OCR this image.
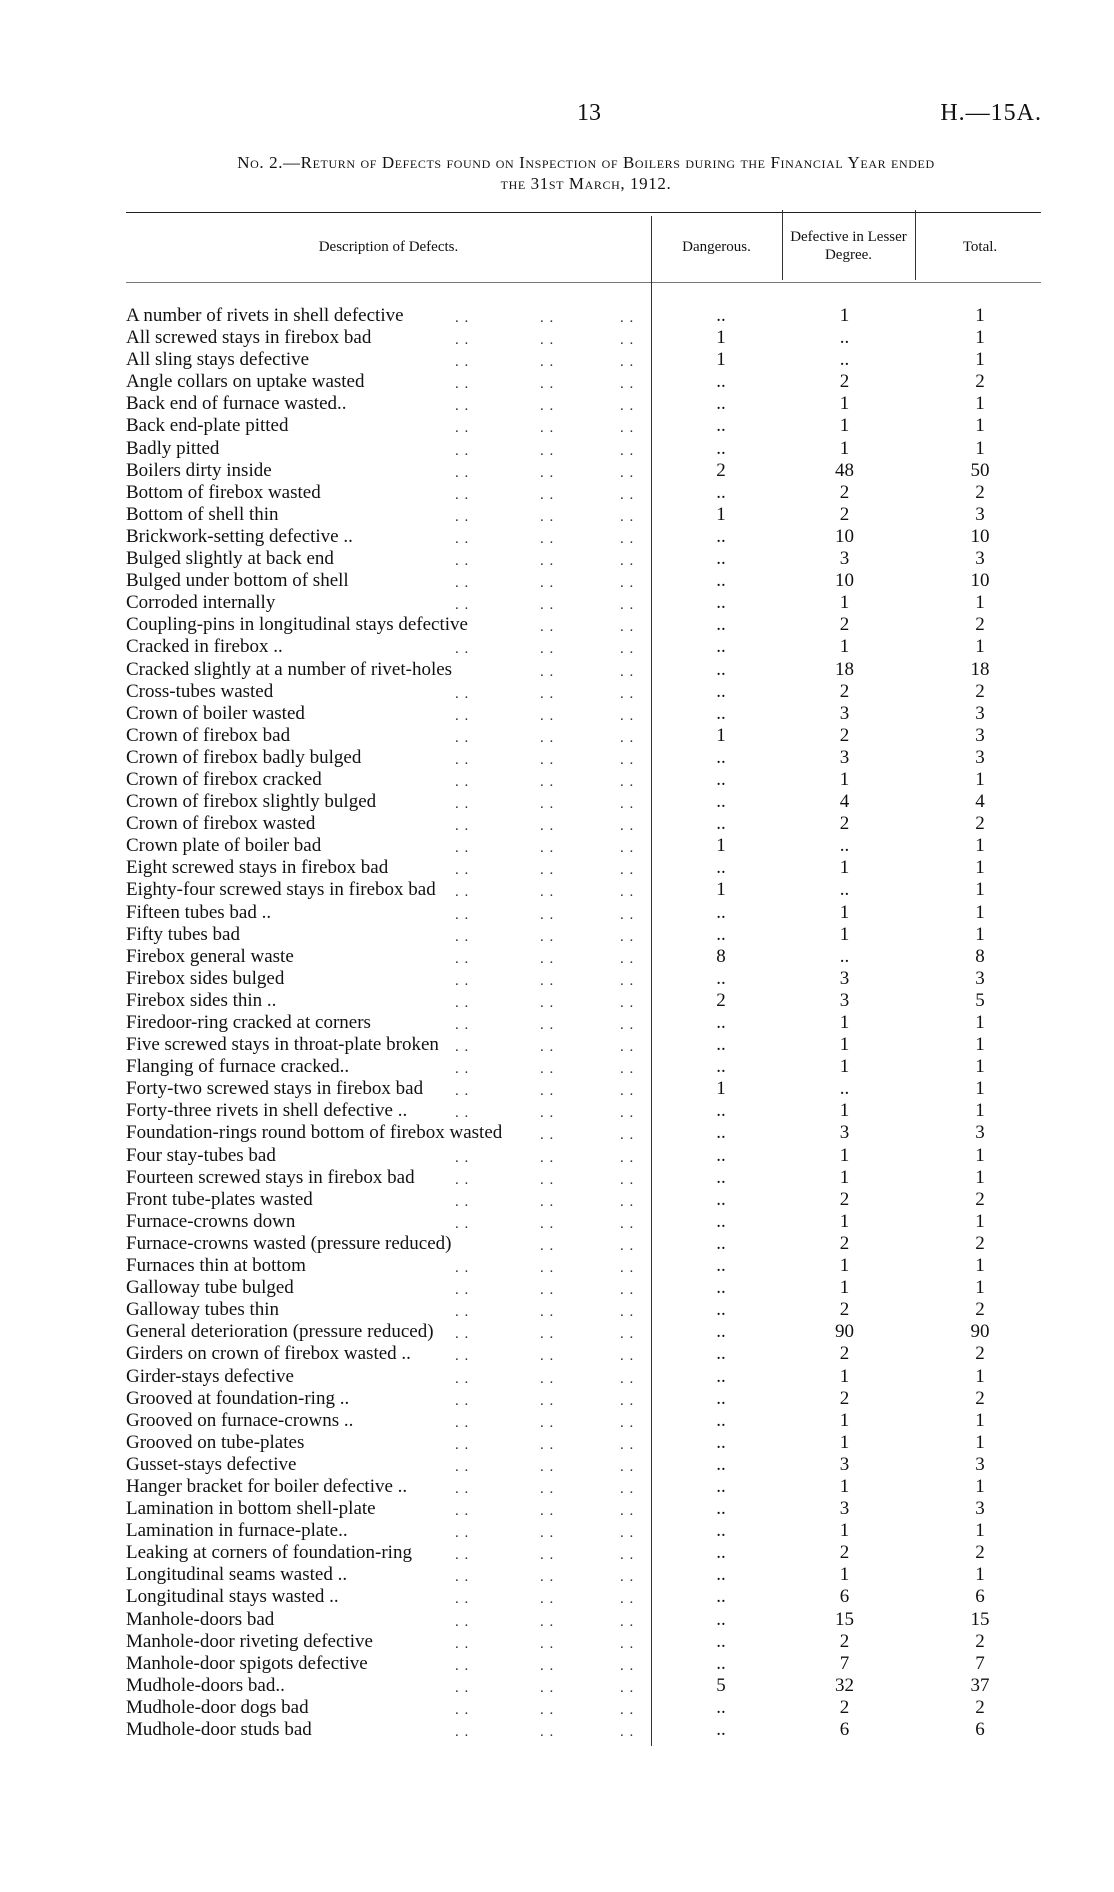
13	H.—15A.
No. 2.—Return of Defects found on Inspection of Boilers during the Financial Year ended
the 31st March, 1912.
Description of Defects.	Dangerous.
Defective in Lesser Degree.	Total.
A number of rivets in shell defective	..	1	1
. .	. .	. .
All screwed stays in firebox bad	1	..	1
. .	. .	. .
All sling stays defective	1	..	1
. .	. .	. .
Angle collars on uptake wasted	..	2	2
. .	. .	. .
Back end of furnace wasted..	..	1	1
. .	. .	. .
Back end-plate pitted	..	1	1
. .	. .	. .
Badly pitted	..	1	1
. .	. .	. .
Boilers dirty inside	2	48	50
. .	. .	. .
Bottom of firebox wasted	..	2	2
. .	. .	. .
Bottom of shell thin	1	2	3
. .	. .	. .
Brickwork-setting defective ..	..	10	10
. .	. .	. .
Bulged slightly at back end	..	3	3
. .	. .	. .
Bulged under bottom of shell	..	10	10
. .	. .	. .
Corroded internally	..	1	1
. .	. .	. .
Coupling-pins in longitudinal stays defective	..	2	2
. .	. .
Cracked in firebox ..	..	1	1
. .	. .	. .
Cracked slightly at a number of rivet-holes	..	18	18
. .	. .
Cross-tubes wasted	..	2	2
. .	. .	. .
Crown of boiler wasted	..	3	3
. .	. .	. .
Crown of firebox bad	1	2	3
. .	. .	. .
Crown of firebox badly bulged	..	3	3
. .	. .	. .
Crown of firebox cracked	..	1	1
. .	. .	. .
Crown of firebox slightly bulged	..	4	4
. .	. .	. .
Crown of firebox wasted	..	2	2
. .	. .	. .
Crown plate of boiler bad	1	..	1
. .	. .	. .
Eight screwed stays in firebox bad	..	1	1
. .	. .	. .
Eighty-four screwed stays in firebox bad	1	..	1
. .	. .	. .
Fifteen tubes bad ..	..	1	1
. .	. .	. .
Fifty tubes bad	..	1	1
. .	. .	. .
Firebox general waste	8	..	8
. .	. .	. .
Firebox sides bulged	..	3	3
. .	. .	. .
Firebox sides thin ..	2	3	5
. .	. .	. .
Firedoor-ring cracked at corners	..	1	1
. .	. .	. .
Five screwed stays in throat-plate broken	..	1	1
. .	. .	. .
Flanging of furnace cracked..	..	1	1
. .	. .	. .
Forty-two screwed stays in firebox bad	1	..	1
. .	. .	. .
Forty-three rivets in shell defective ..	..	1	1
. .	. .	. .
Foundation-rings round bottom of firebox wasted	..	3	3
. .	. .
Four stay-tubes bad	..	1	1
. .	. .	. .
Fourteen screwed stays in firebox bad	..	1	1
. .	. .	. .
Front tube-plates wasted	..	2	2
. .	. .	. .
Furnace-crowns down	..	1	1
. .	. .	. .
Furnace-crowns wasted (pressure reduced)	..	2	2
. .	. .
Furnaces thin at bottom	..	1	1
. .	. .	. .
Galloway tube bulged	..	1	1
. .	. .	. .
Galloway tubes thin	..	2	2
. .	. .	. .
General deterioration (pressure reduced)	..	90	90
. .	. .	. .
Girders on crown of firebox wasted ..	..	2	2
. .	. .	. .
Girder-stays defective	..	1	1
. .	. .	. .
Grooved at foundation-ring ..	..	2	2
. .	. .	. .
Grooved on furnace-crowns ..	..	1	1
. .	. .	. .
Grooved on tube-plates	..	1	1
. .	. .	. .
Gusset-stays defective	..	3	3
. .	. .	. .
Hanger bracket for boiler defective ..	..	1	1
. .	. .	. .
Lamination in bottom shell-plate	..	3	3
. .	. .	. .
Lamination in furnace-plate..	..	1	1
. .	. .	. .
Leaking at corners of foundation-ring	..	2	2
. .	. .	. .
Longitudinal seams wasted ..	..	1	1
. .	. .	. .
Longitudinal stays wasted ..	..	6	6
. .	. .	. .
Manhole-doors bad	..	15	15
. .	. .	. .
Manhole-door riveting defective	..	2	2
. .	. .	. .
Manhole-door spigots defective	..	7	7
. .	. .	. .
Mudhole-doors bad..	5	32	37
. .	. .	. .
Mudhole-door dogs bad	..	2	2
. .	. .	. .
Mudhole-door studs bad	..	6	6
. .	. .	. .
